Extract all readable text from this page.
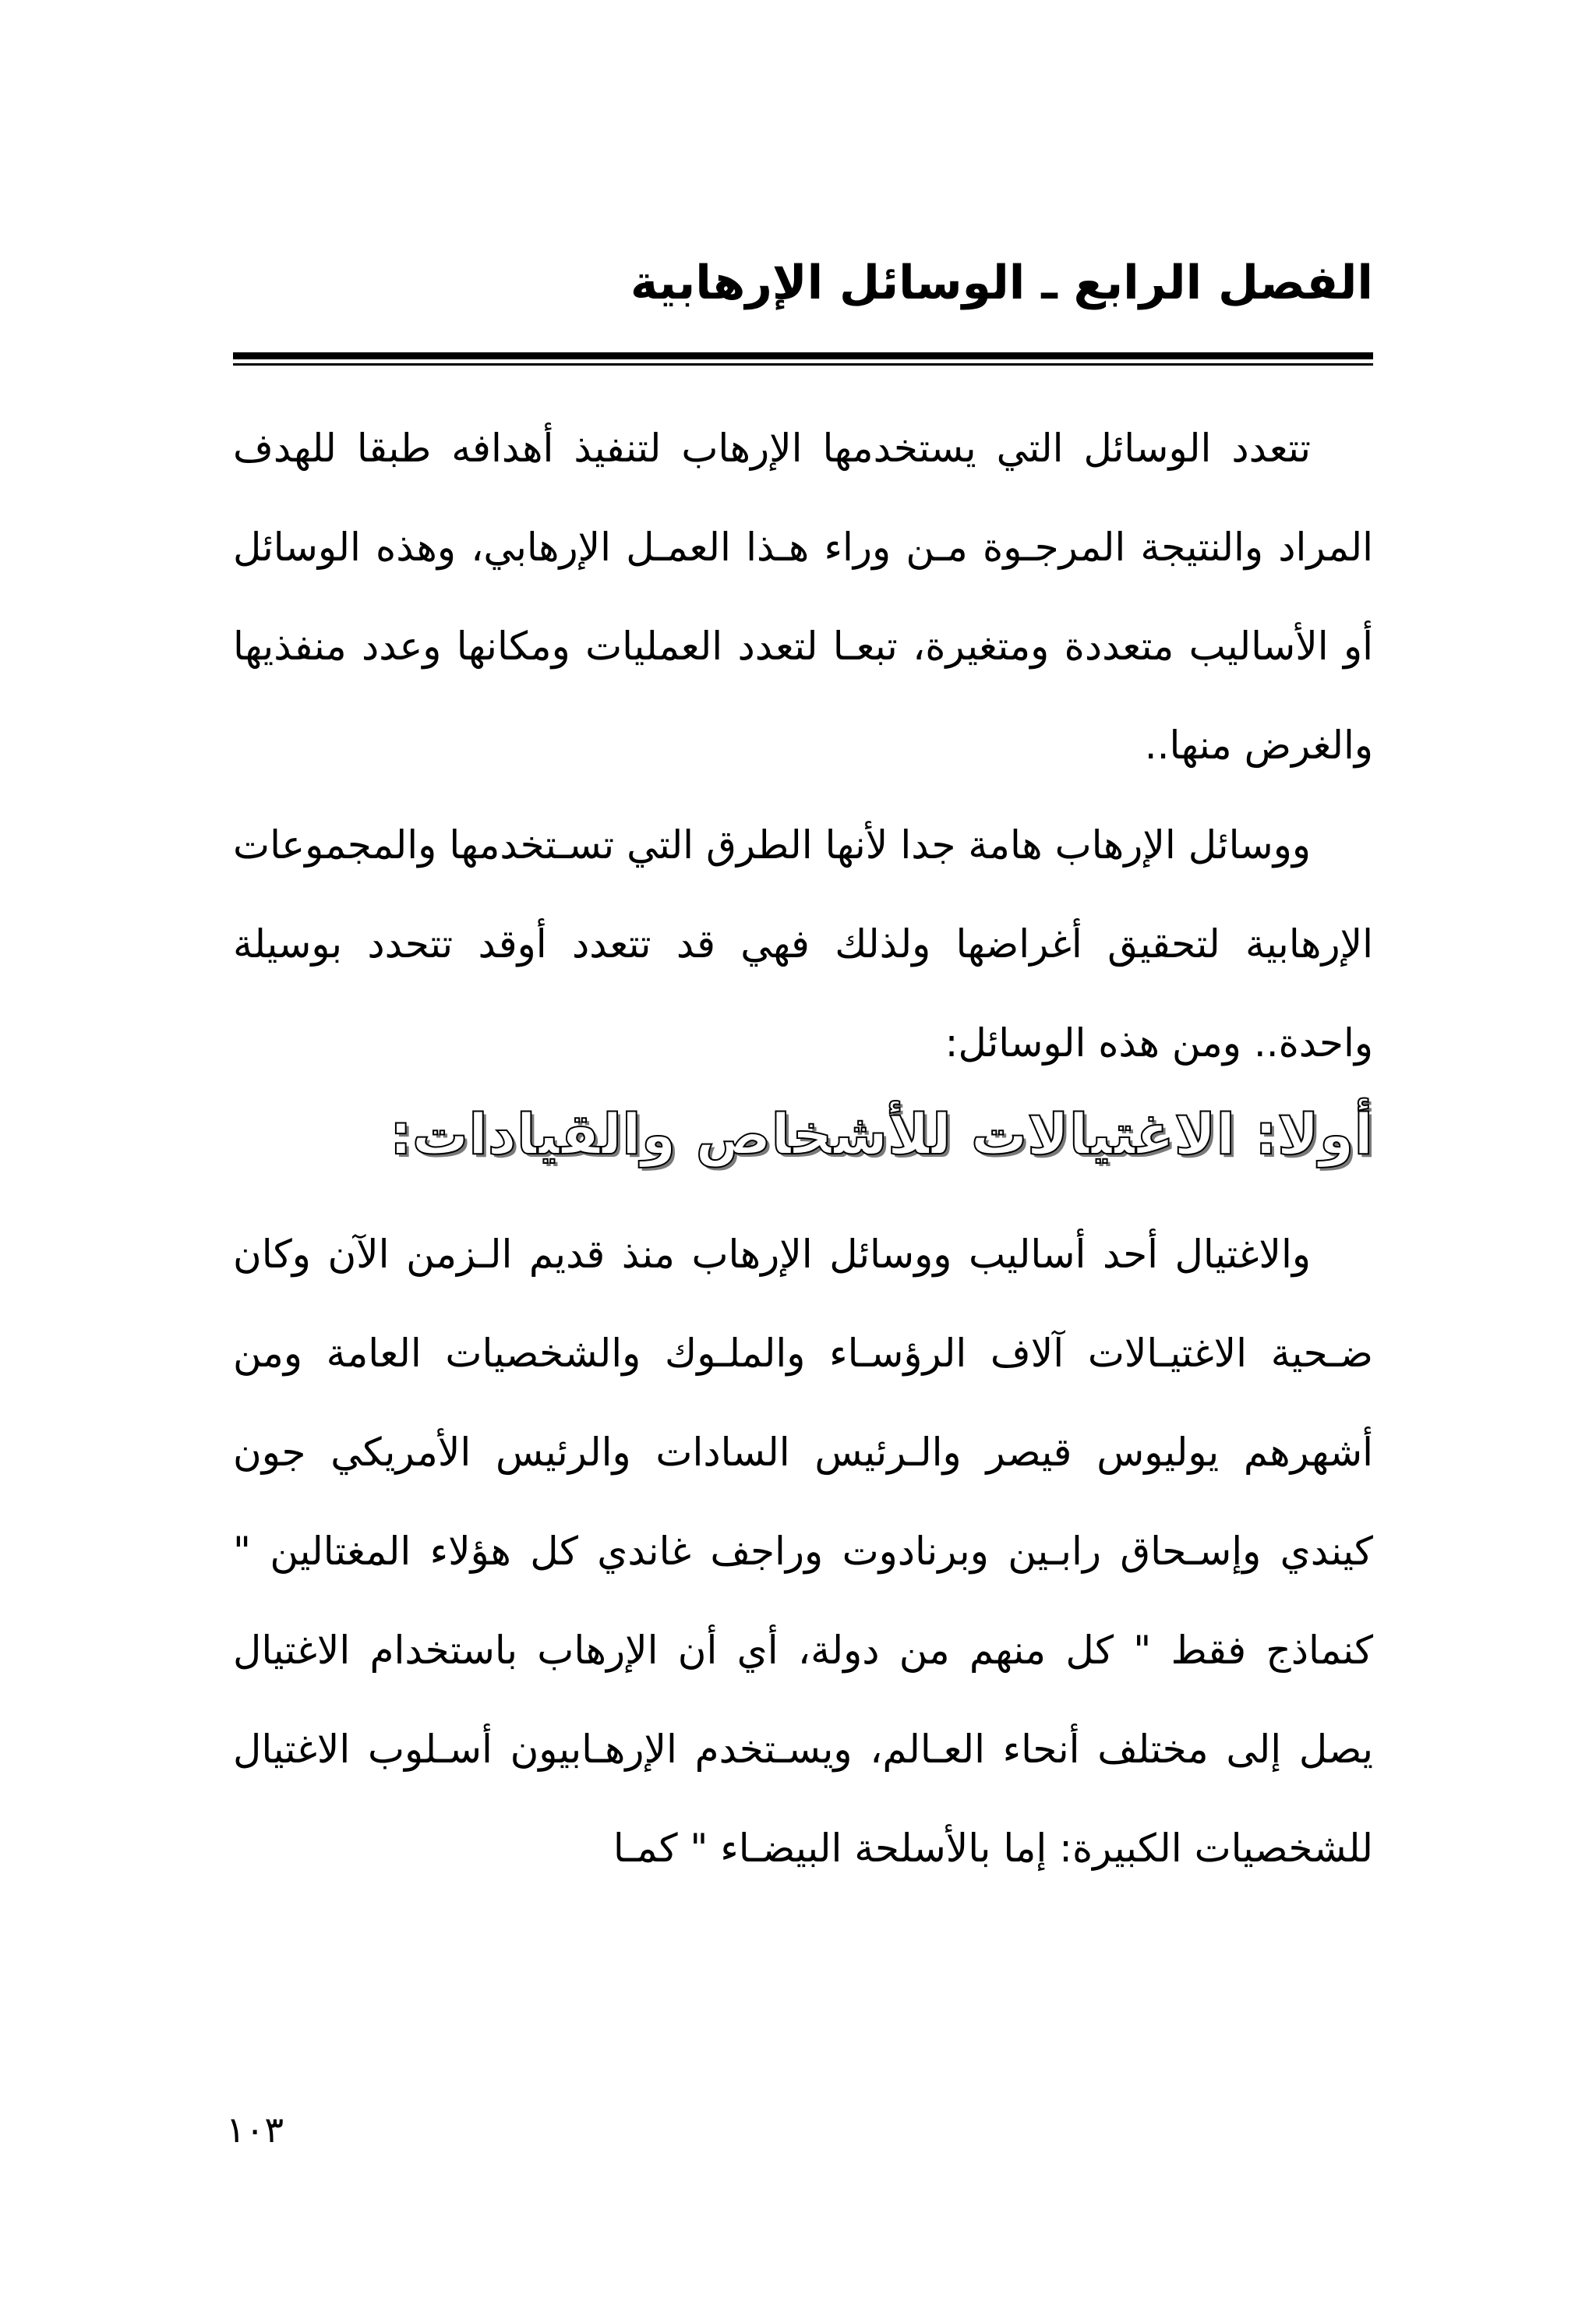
الفصل الرابع ـ الوسائل الإرهابية

تتعدد الوسائل التي يستخدمها الإرهاب لتنفيذ أهدافه طبقا للهدف المراد والنتيجة المرجـوة مـن وراء هـذا العمـل الإرهابي، وهذه الوسائل أو الأساليب متعددة ومتغيرة، تبعـا لتعدد العمليات ومكانها وعدد منفذيها والغرض منها..

ووسائل الإرهاب هامة جدا لأنها الطرق التي تسـتخدمها والمجموعات الإرهابية لتحقيق أغراضها ولذلك فهي قد تتعدد أوقد تتحدد بوسيلة واحدة.. ومن هذه الوسائل:

أولا: الاغتيالات للأشخاص والقيادات:

والاغتيال أحد أساليب ووسائل الإرهاب منذ قديم الـزمن الآن وكان ضـحية الاغتيـالات آلاف الرؤسـاء والملـوك والشخصيات العامة ومن أشهرهم يوليوس قيصر والـرئيس السادات والرئيس الأمريكي جون كيندي وإسـحاق رابـين وبرنادوت وراجف غاندي كل هؤلاء المغتالين " كنماذج فقط " كل منهم من دولة، أي أن الإرهاب باستخدام الاغتيال يصل إلى مختلف أنحاء العـالم، ويسـتخدم الإرهـابيون أسـلوب الاغتيال للشخصيات الكبيرة: إما بالأسلحة البيضـاء " كمـا

١٠٣
